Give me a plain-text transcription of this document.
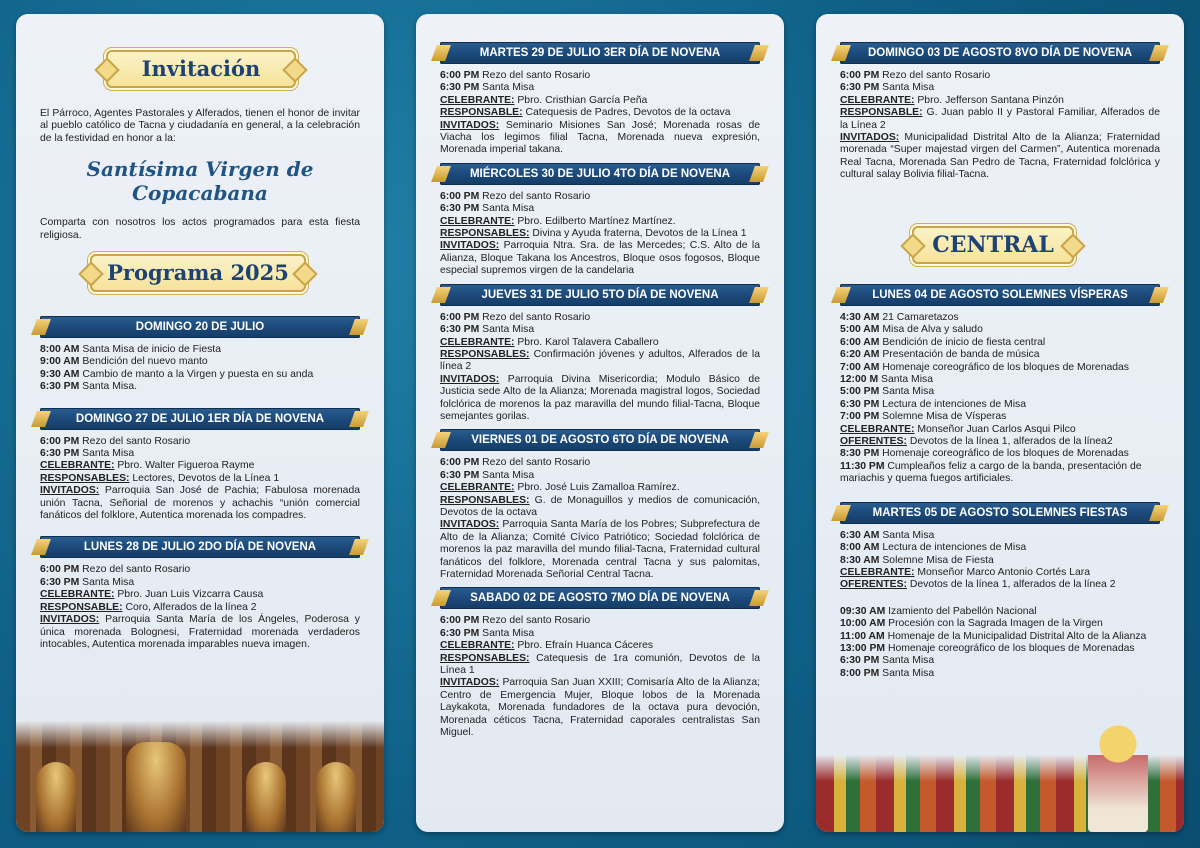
Invitación
El Párroco, Agentes Pastorales y Alferados, tienen el honor de invitar al pueblo católico de Tacna y ciudadanía en general, a la celebración de la festividad en honor a la:
Santísima Virgen de Copacabana
Comparta con nosotros los actos programados para esta fiesta religiosa.
Programa 2025
DOMINGO 20 DE JULIO
8:00 AM Santa Misa de inicio de Fiesta
9:00 AM Bendición del nuevo manto
9:30 AM Cambio de manto a la Virgen y puesta en su anda
6:30 PM Santa Misa.
DOMINGO 27 DE JULIO 1ER DÍA DE NOVENA
6:00 PM Rezo del santo Rosario
6:30 PM Santa Misa
CELEBRANTE: Pbro. Walter Figueroa Rayme
RESPONSABLES: Lectores, Devotos de la Línea 1
INVITADOS: Parroquia San José de Pachia; Fabulosa morenada unión Tacna, Señorial de morenos y achachis “unión comercial fanáticos del folklore, Autentica morenada los compadres.
LUNES 28 DE JULIO 2DO DÍA DE NOVENA
6:00 PM Rezo del santo Rosario
6:30 PM Santa Misa
CELEBRANTE: Pbro. Juan Luis Vizcarra Causa
RESPONSABLE: Coro, Alferados de la línea 2
INVITADOS: Parroquia Santa María de los Ángeles, Poderosa y única morenada Bolognesi, Fraternidad morenada verdaderos intocables, Autentica morenada imparables nueva imagen.
MARTES 29 DE JULIO 3ER DÍA DE NOVENA
6:00 PM Rezo del santo Rosario
6:30 PM Santa Misa
CELEBRANTE: Pbro. Cristhian García Peña
RESPONSABLE: Catequesis de Padres, Devotos de la octava
INVITADOS: Seminario Misiones San José; Morenada rosas de Viacha los legimos filial Tacna, Morenada nueva expresión, Morenada imperial takana.
MIÉRCOLES 30 DE JULIO 4TO DÍA DE NOVENA
6:00 PM Rezo del santo Rosario
6:30 PM Santa Misa
CELEBRANTE: Pbro. Edilberto Martínez Martínez.
RESPONSABLES: Divina y Ayuda fraterna, Devotos de la Línea 1
INVITADOS: Parroquia Ntra. Sra. de las Mercedes; C.S. Alto de la Alianza, Bloque Takana los Ancestros, Bloque osos fogosos, Bloque especial supremos virgen de la candelaria
JUEVES 31 DE JULIO 5TO DÍA DE NOVENA
6:00 PM Rezo del santo Rosario
6:30 PM Santa Misa
CELEBRANTE: Pbro. Karol Talavera Caballero
RESPONSABLES: Confirmación jóvenes y adultos, Alferados de la línea 2
INVITADOS: Parroquia Divina Misericordia; Modulo Básico de Justicia sede Alto de la Alianza; Morenada magistral logos, Sociedad folclórica de morenos la paz maravilla del mundo filial-Tacna, Bloque semejantes gorilas.
VIERNES 01 DE AGOSTO 6TO DÍA DE NOVENA
6:00 PM Rezo del santo Rosario
6:30 PM Santa Misa
CELEBRANTE: Pbro. José Luis Zamalloa Ramírez.
RESPONSABLES: G. de Monaguillos y medios de comunicación, Devotos de la octava
INVITADOS: Parroquia Santa María de los Pobres; Subprefectura de Alto de la Alianza; Comité Cívico Patriótico; Sociedad folclórica de morenos la paz maravilla del mundo filial-Tacna, Fraternidad cultural fanáticos del folklore, Morenada central Tacna y sus palomitas, Fraternidad Morenada Señorial Central Tacna.
SABADO 02 DE AGOSTO 7MO DÍA DE NOVENA
6:00 PM Rezo del santo Rosario
6:30 PM Santa Misa
CELEBRANTE: Pbro. Efraín Huanca Cáceres
RESPONSABLES: Catequesis de 1ra comunión, Devotos de la Línea 1
INVITADOS: Parroquia San Juan XXIII; Comisaría Alto de la Alianza; Centro de Emergencia Mujer, Bloque lobos de la Morenada Laykakota, Morenada fundadores de la octava pura devoción, Morenada céticos Tacna, Fraternidad caporales centralistas San Miguel.
DOMINGO 03 DE AGOSTO 8VO DÍA DE NOVENA
6:00 PM Rezo del santo Rosario
6:30 PM Santa Misa
CELEBRANTE: Pbro. Jefferson Santana Pinzón
RESPONSABLE: G. Juan pablo II y Pastoral Familiar, Alferados de la Línea 2
INVITADOS: Municipalidad Distrital Alto de la Alianza; Fraternidad morenada “Super majestad virgen del Carmen”, Autentica morenada Real Tacna, Morenada San Pedro de Tacna, Fraternidad folclórica y cultural salay Bolivia filial-Tacna.
CENTRAL
LUNES 04 DE AGOSTO SOLEMNES VÍSPERAS
4:30 AM 21 Camaretazos
5:00 AM Misa de Alva y saludo
6:00 AM Bendición de inicio de fiesta central
6:20 AM Presentación de banda de música
7:00 AM Homenaje coreográfico de los bloques de Morenadas
12:00 M Santa Misa
5:00 PM Santa Misa
6:30 PM Lectura de intenciones de Misa
7:00 PM Solemne Misa de Vísperas
CELEBRANTE: Monseñor Juan Carlos Asqui Pilco
OFERENTES: Devotos de la línea 1, alferados de la línea2
8:30 PM Homenaje coreográfico de los bloques de Morenadas
11:30 PM Cumpleaños feliz a cargo de la banda, presentación de mariachis y quema fuegos artificiales.
MARTES 05 DE AGOSTO SOLEMNES FIESTAS
6:30 AM Santa Misa
8:00 AM Lectura de intenciones de Misa
8:30 AM Solemne Misa de Fiesta
CELEBRANTE: Monseñor Marco Antonio Cortés Lara
OFERENTES: Devotos de la línea 1, alferados de la línea 2
09:30 AM Izamiento del Pabellón Nacional
10:00 AM Procesión con la Sagrada Imagen de la Virgen
11:00 AM Homenaje de la Municipalidad Distrital Alto de la Alianza
13:00 PM Homenaje coreográfico de los bloques de Morenadas
6:30 PM Santa Misa
8:00 PM Santa Misa
